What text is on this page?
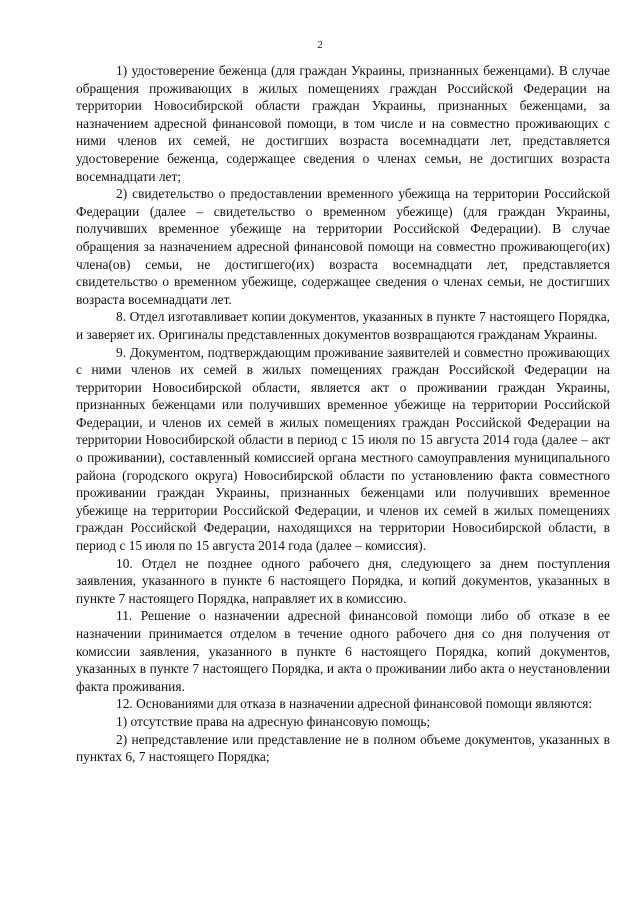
2

1) удостоверение беженца (для граждан Украины, признанных беженцами). В случае обращения проживающих в жилых помещениях граждан Российской Федерации на территории Новосибирской области граждан Украины, признанных беженцами, за назначением адресной финансовой помощи, в том числе и на совместно проживающих с ними членов их семей, не достигших возраста восемнадцати лет, представляется удостоверение беженца, содержащее сведения о членах семьи, не достигших возраста восемнадцати лет;

2) свидетельство о предоставлении временного убежища на территории Российской Федерации (далее – свидетельство о временном убежище) (для граждан Украины, получивших временное убежище на территории Российской Федерации). В случае обращения за назначением адресной финансовой помощи на совместно проживающего(их) члена(ов) семьи, не достигшего(их) возраста восемнадцати лет, представляется свидетельство о временном убежище, содержащее сведения о членах семьи, не достигших возраста восемнадцати лет.

8. Отдел изготавливает копии документов, указанных в пункте 7 настоящего Порядка, и заверяет их. Оригиналы представленных документов возвращаются гражданам Украины.

9. Документом, подтверждающим проживание заявителей и совместно проживающих с ними членов их семей в жилых помещениях граждан Российской Федерации на территории Новосибирской области, является акт о проживании граждан Украины, признанных беженцами или получивших временное убежище на территории Российской Федерации, и членов их семей в жилых помещениях граждан Российской Федерации на территории Новосибирской области в период с 15 июля по 15 августа 2014 года (далее – акт о проживании), составленный комиссией органа местного самоуправления муниципального района (городского округа) Новосибирской области по установлению факта совместного проживании граждан Украины, признанных беженцами или получивших временное убежище на территории Российской Федерации, и членов их семей в жилых помещениях граждан Российской Федерации, находящихся на территории Новосибирской области, в период с 15 июля по 15 августа 2014 года (далее – комиссия).

10. Отдел не позднее одного рабочего дня, следующего за днем поступления заявления, указанного в пункте 6 настоящего Порядка, и копий документов, указанных в пункте 7 настоящего Порядка, направляет их в комиссию.

11. Решение о назначении адресной финансовой помощи либо об отказе в ее назначении принимается отделом в течение одного рабочего дня со дня получения от комиссии заявления, указанного в пункте 6 настоящего Порядка, копий документов, указанных в пункте 7 настоящего Порядка, и акта о проживании либо акта о неустановлении факта проживания.

12. Основаниями для отказа в назначении адресной финансовой помощи являются:

1) отсутствие права на адресную финансовую помощь;

2) непредставление или представление не в полном объеме документов, указанных в пунктах 6, 7 настоящего Порядка;
